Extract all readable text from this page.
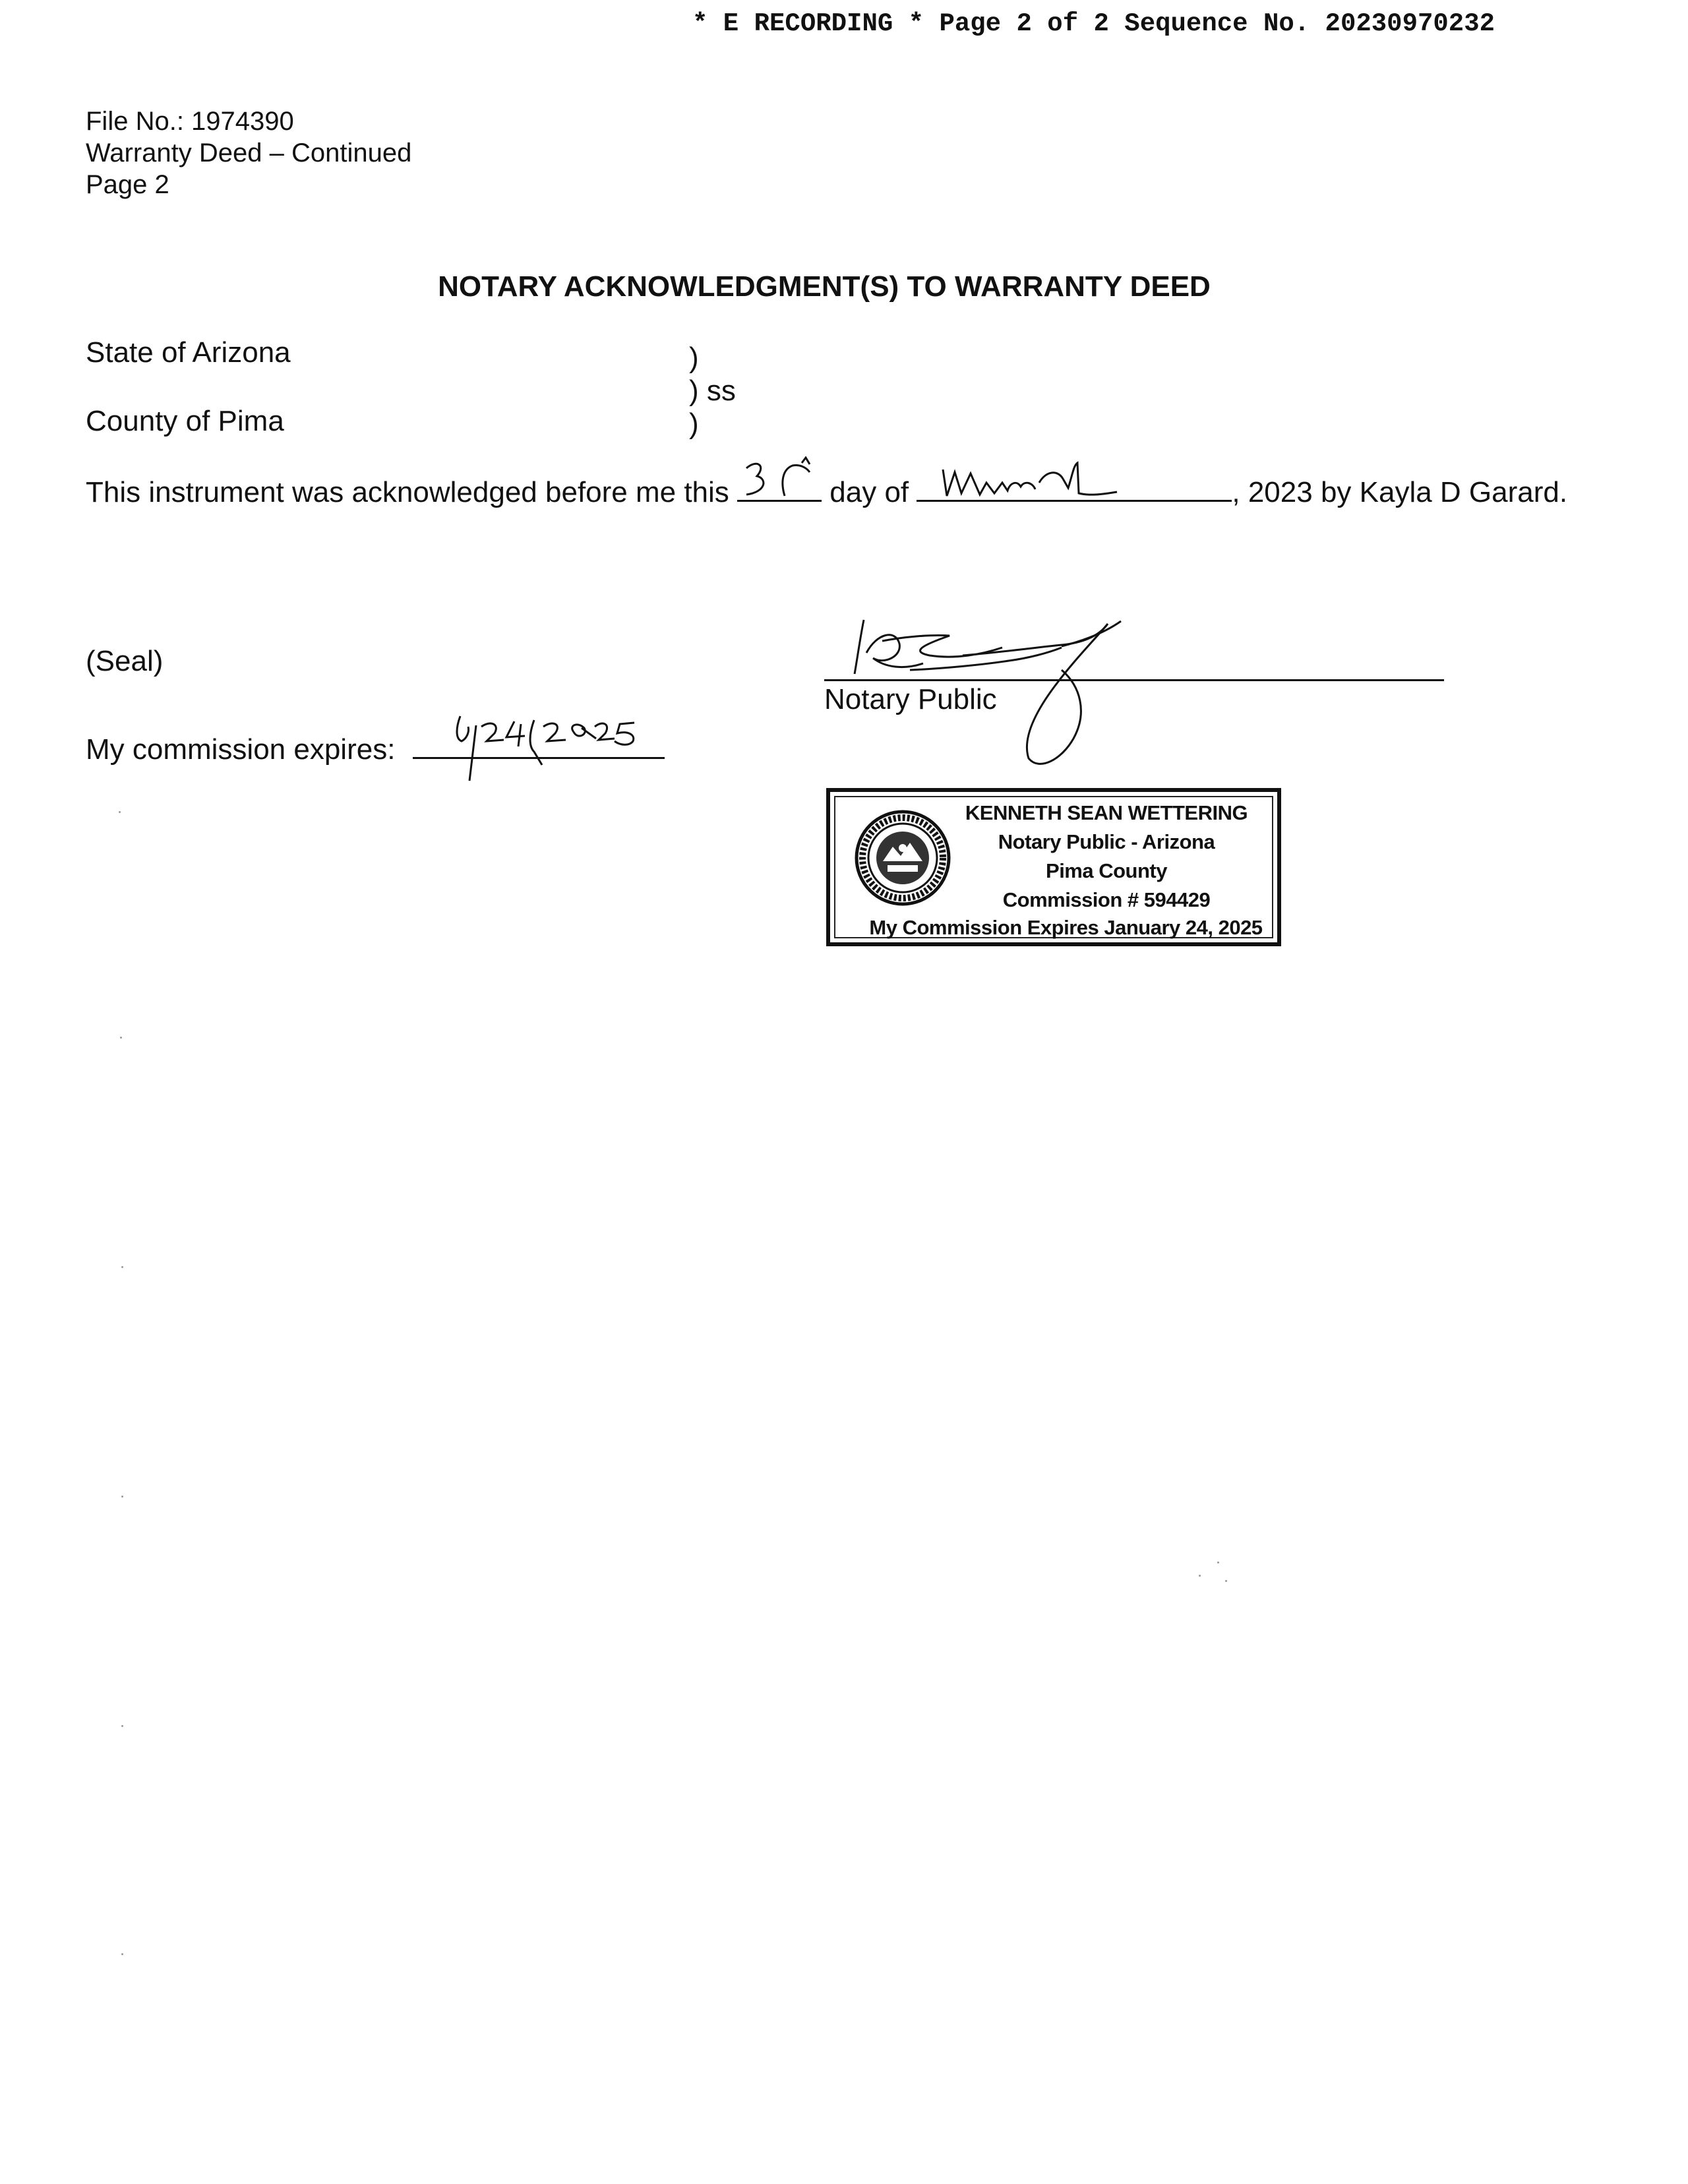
* E RECORDING * Page 2 of 2 Sequence No. 20230970232
File No.: 1974390
Warranty Deed – Continued
Page 2
NOTARY ACKNOWLEDGMENT(S) TO WARRANTY DEED
State of Arizona
County of Pima
)
) ss
)
This instrument was acknowledged before me this	day of	, 2023 by Kayla D Garard.
(Seal)
My commission expires:
Notary Public
KENNETH SEAN WETTERING
Notary Public - Arizona
Pima County
Commission # 594429
My Commission Expires January 24, 2025
